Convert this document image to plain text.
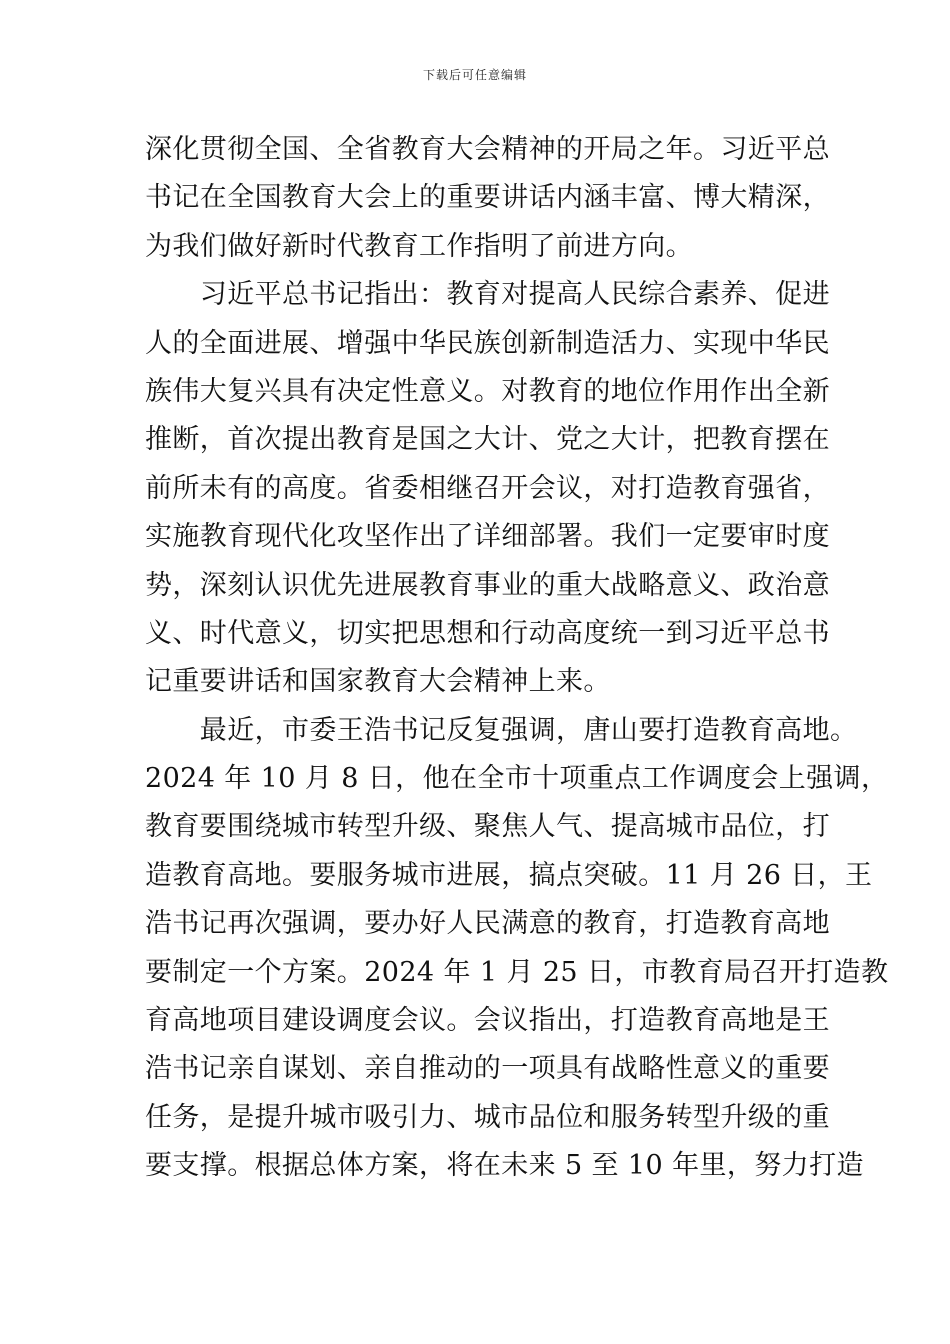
下载后可任意编辑
深化贯彻全国、全省教育大会精神的开局之年。习近平总
书记在全国教育大会上的重要讲话内涵丰富、博大精深，
为我们做好新时代教育工作指明了前进方向。
　　习近平总书记指出：教育对提高人民综合素养、促进
人的全面进展、增强中华民族创新制造活力、实现中华民
族伟大复兴具有决定性意义。对教育的地位作用作出全新
推断，首次提出教育是国之大计、党之大计，把教育摆在
前所未有的高度。省委相继召开会议，对打造教育强省，
实施教育现代化攻坚作出了详细部署。我们一定要审时度
势，深刻认识优先进展教育事业的重大战略意义、政治意
义、时代意义，切实把思想和行动高度统一到习近平总书
记重要讲话和国家教育大会精神上来。
　　最近，市委王浩书记反复强调，唐山要打造教育高地。
2024 年 10 月 8 日，他在全市十项重点工作调度会上强调，
教育要围绕城市转型升级、聚焦人气、提高城市品位，打
造教育高地。要服务城市进展，搞点突破。11 月 26 日，王
浩书记再次强调，要办好人民满意的教育，打造教育高地
要制定一个方案。2024 年 1 月 25 日，市教育局召开打造教
育高地项目建设调度会议。会议指出，打造教育高地是王
浩书记亲自谋划、亲自推动的一项具有战略性意义的重要
任务，是提升城市吸引力、城市品位和服务转型升级的重
要支撑。根据总体方案，将在未来 5 至 10 年里，努力打造
